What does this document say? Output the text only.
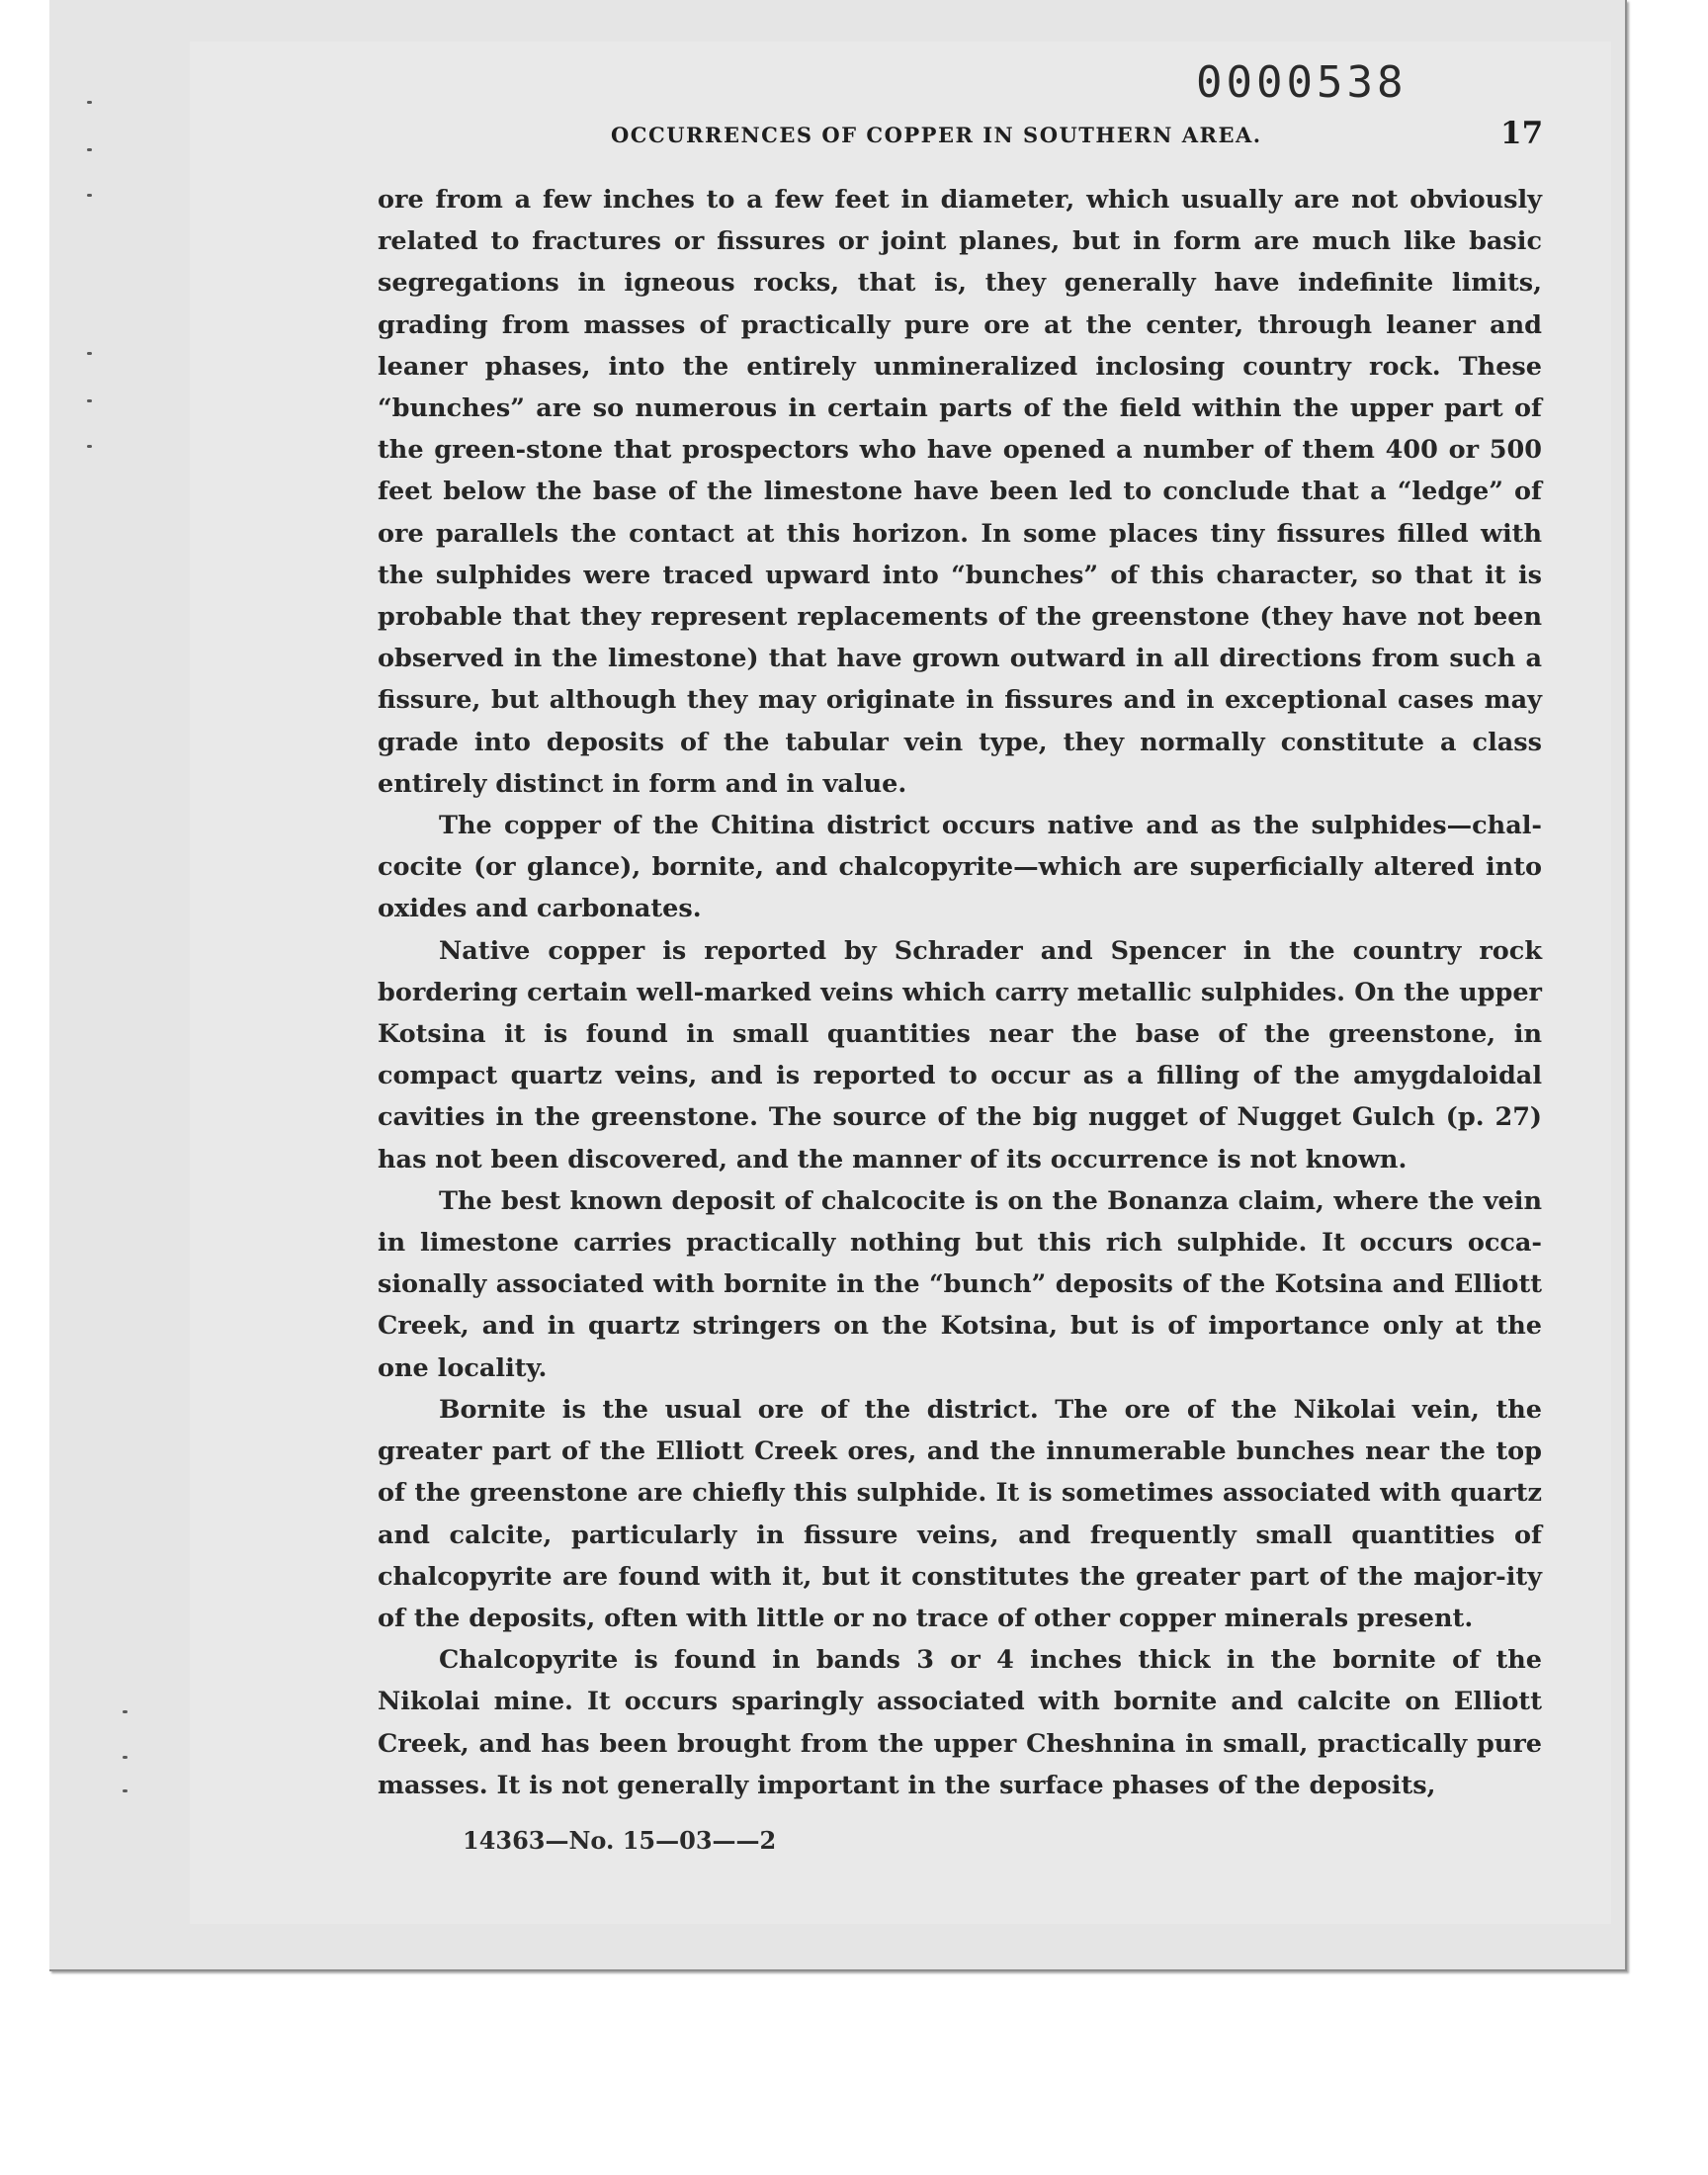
0000538
OCCURRENCES OF COPPER IN SOUTHERN AREA.	17

ore from a few inches to a few feet in diameter, which usually are not obviously related to fractures or fissures or joint planes, but in form are much like basic segregations in igneous rocks, that is, they generally have indefinite limits, grading from masses of practically pure ore at the center, through leaner and leaner phases, into the entirely unmineralized inclosing country rock. These “bunches” are so numerous in certain parts of the field within the upper part of the green-stone that prospectors who have opened a number of them 400 or 500 feet below the base of the limestone have been led to conclude that a “ledge” of ore parallels the contact at this horizon. In some places tiny fissures filled with the sulphides were traced upward into “bunches” of this character, so that it is probable that they represent replacements of the greenstone (they have not been observed in the limestone) that have grown outward in all directions from such a fissure, but although they may originate in fissures and in exceptional cases may grade into deposits of the tabular vein type, they normally constitute a class entirely distinct in form and in value.

The copper of the Chitina district occurs native and as the sulphides—chal-cocite (or glance), bornite, and chalcopyrite—which are superficially altered into oxides and carbonates.

Native copper is reported by Schrader and Spencer in the country rock bordering certain well-marked veins which carry metallic sulphides. On the upper Kotsina it is found in small quantities near the base of the greenstone, in compact quartz veins, and is reported to occur as a filling of the amygdaloidal cavities in the greenstone. The source of the big nugget of Nugget Gulch (p. 27) has not been discovered, and the manner of its occurrence is not known.

The best known deposit of chalcocite is on the Bonanza claim, where the vein in limestone carries practically nothing but this rich sulphide. It occurs occa-sionally associated with bornite in the “bunch” deposits of the Kotsina and Elliott Creek, and in quartz stringers on the Kotsina, but is of importance only at the one locality.

Bornite is the usual ore of the district. The ore of the Nikolai vein, the greater part of the Elliott Creek ores, and the innumerable bunches near the top of the greenstone are chiefly this sulphide. It is sometimes associated with quartz and calcite, particularly in fissure veins, and frequently small quantities of chalcopyrite are found with it, but it constitutes the greater part of the major-ity of the deposits, often with little or no trace of other copper minerals present.

Chalcopyrite is found in bands 3 or 4 inches thick in the bornite of the Nikolai mine. It occurs sparingly associated with bornite and calcite on Elliott Creek, and has been brought from the upper Cheshnina in small, practically pure masses. It is not generally important in the surface phases of the deposits,

14363—No. 15—03——2
